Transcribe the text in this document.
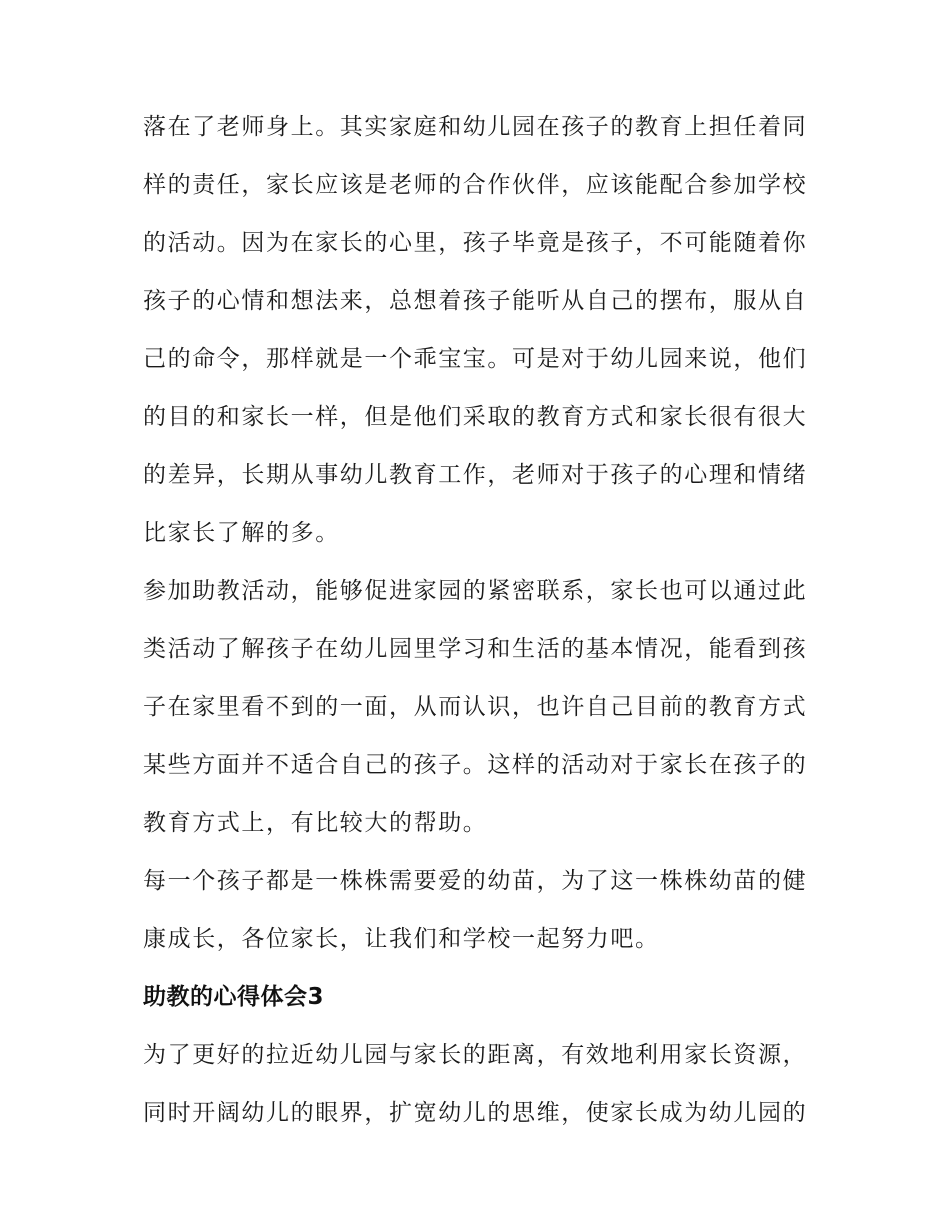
落在了老师身上。其实家庭和幼儿园在孩子的教育上担任着同
样的责任，家长应该是老师的合作伙伴，应该能配合参加学校
的活动。因为在家长的心里，孩子毕竟是孩子，不可能随着你
孩子的心情和想法来，总想着孩子能听从自己的摆布，服从自
己的命令，那样就是一个乖宝宝。可是对于幼儿园来说，他们
的目的和家长一样，但是他们采取的教育方式和家长很有很大
的差异，长期从事幼儿教育工作，老师对于孩子的心理和情绪
比家长了解的多。
参加助教活动，能够促进家园的紧密联系，家长也可以通过此
类活动了解孩子在幼儿园里学习和生活的基本情况，能看到孩
子在家里看不到的一面，从而认识，也许自己目前的教育方式
某些方面并不适合自己的孩子。这样的活动对于家长在孩子的
教育方式上，有比较大的帮助。
每一个孩子都是一株株需要爱的幼苗，为了这一株株幼苗的健
康成长，各位家长，让我们和学校一起努力吧。
助教的心得体会3
为了更好的拉近幼儿园与家长的距离，有效地利用家长资源，
同时开阔幼儿的眼界，扩宽幼儿的思维，使家长成为幼儿园的
